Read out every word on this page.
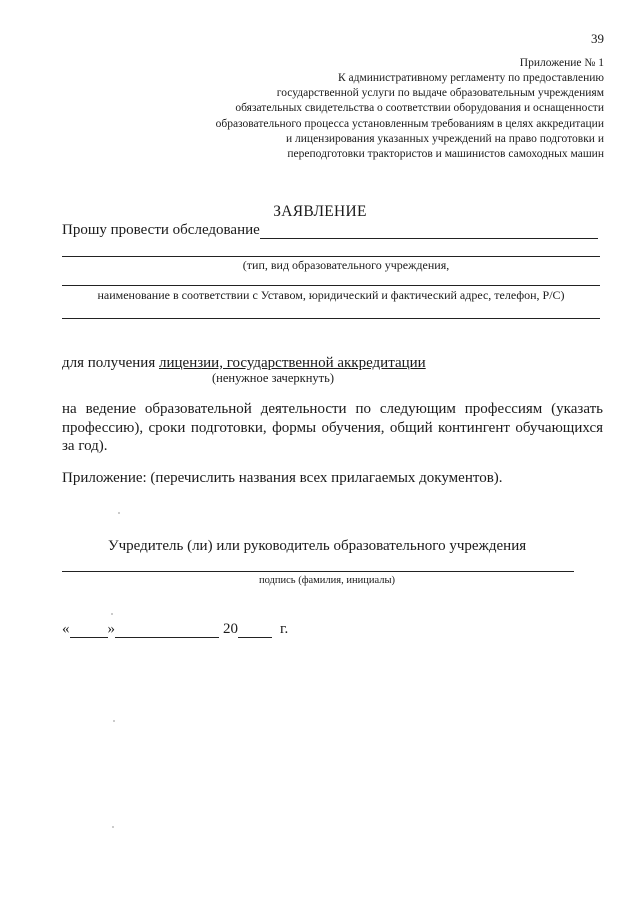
39
Приложение № 1
К административному регламенту по предоставлению
государственной услуги по выдаче образовательным учреждениям
обязательных свидетельства о соответствии оборудования и оснащенности
образовательного процесса установленным требованиям в целях аккредитации
и лицензирования указанных учреждений на право подготовки и
переподготовки трактористов и машинистов самоходных машин
ЗАЯВЛЕНИЕ
Прошу провести обследование
(тип, вид образовательного учреждения,
наименование в соответствии с Уставом, юридический и фактический адрес, телефон, Р/С)
для получения лицензии, государственной аккредитации
(ненужное зачеркнуть)
на ведение образовательной деятельности по следующим профессиям (указать профессию), сроки подготовки, формы обучения, общий контингент обучающихся за год).
Приложение: (перечислить названия всех прилагаемых документов).
Учредитель (ли) или руководитель образовательного учреждения
подпись (фамилия, инициалы)
«	»	20	г.
